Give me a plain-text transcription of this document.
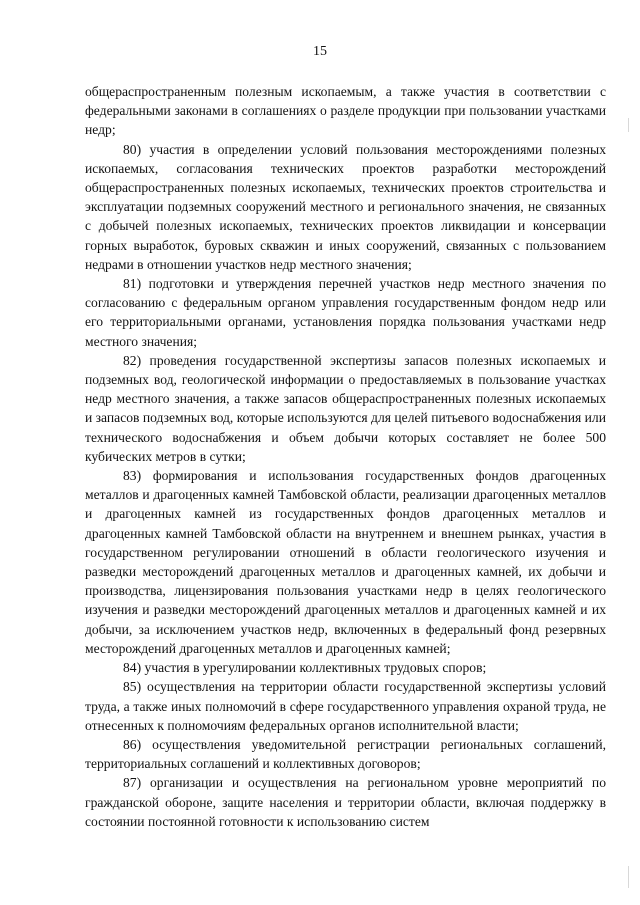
15

общераспространенным полезным ископаемым, а также участия в соответствии с федеральными законами в соглашениях о разделе продукции при пользовании участками недр;

80) участия в определении условий пользования месторождениями полезных ископаемых, согласования технических проектов разработки месторождений общераспространенных полезных ископаемых, технических проектов строительства и эксплуатации подземных сооружений местного и регионального значения, не связанных с добычей полезных ископаемых, технических проектов ликвидации и консервации горных выработок, буровых скважин и иных сооружений, связанных с пользованием недрами в отношении участков недр местного значения;

81) подготовки и утверждения перечней участков недр местного значения по согласованию с федеральным органом управления государственным фондом недр или его территориальными органами, установления порядка пользования участками недр местного значения;

82) проведения государственной экспертизы запасов полезных ископаемых и подземных вод, геологической информации о предоставляемых в пользование участках недр местного значения, а также запасов общераспространенных полезных ископаемых и запасов подземных вод, которые используются для целей питьевого водоснабжения или технического водоснабжения и объем добычи которых составляет не более 500 кубических метров в сутки;

83) формирования и использования государственных фондов драгоценных металлов и драгоценных камней Тамбовской области, реализации драгоценных металлов и драгоценных камней из государственных фондов драгоценных металлов и драгоценных камней Тамбовской области на внутреннем и внешнем рынках, участия в государственном регулировании отношений в области геологического изучения и разведки месторождений драгоценных металлов и драгоценных камней, их добычи и производства, лицензирования пользования участками недр в целях геологического изучения и разведки месторождений драгоценных металлов и драгоценных камней и их добычи, за исключением участков недр, включенных в федеральный фонд резервных месторождений драгоценных металлов и драгоценных камней;

84) участия в урегулировании коллективных трудовых споров;

85) осуществления на территории области государственной экспертизы условий труда, а также иных полномочий в сфере государственного управления охраной труда, не отнесенных к полномочиям федеральных органов исполнительной власти;

86) осуществления уведомительной регистрации региональных соглашений, территориальных соглашений и коллективных договоров;

87) организации и осуществления на региональном уровне мероприятий по гражданской обороне, защите населения и территории области, включая поддержку в состоянии постоянной готовности к использованию систем
